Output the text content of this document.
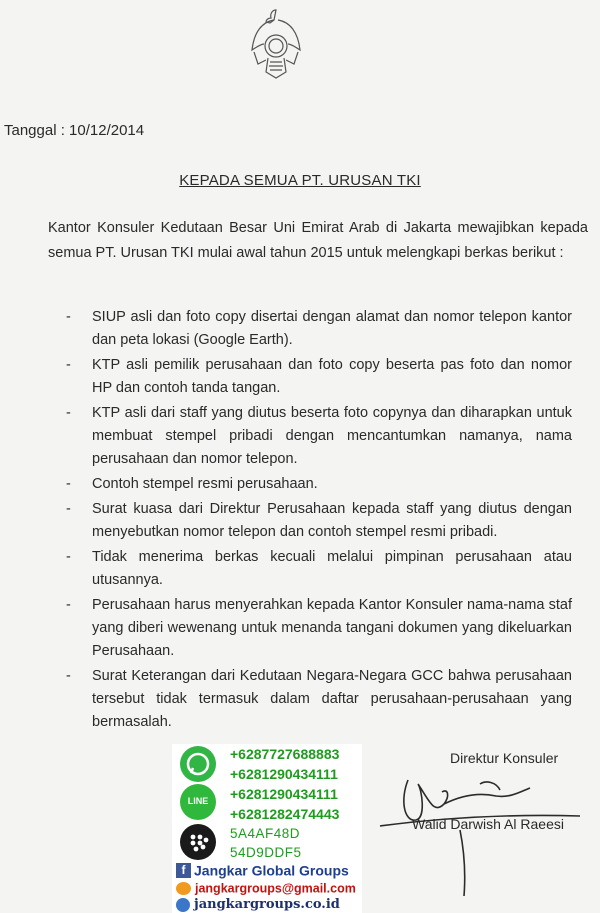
Tanggal : 10/12/2014
KEPADA SEMUA PT. URUSAN TKI
Kantor Konsuler Kedutaan Besar Uni Emirat Arab di Jakarta mewajibkan kepada semua PT. Urusan TKI mulai awal tahun 2015 untuk melengkapi berkas berikut :
- SIUP asli dan foto copy disertai dengan alamat dan nomor telepon kantor dan peta lokasi (Google Earth).
- KTP asli pemilik perusahaan dan foto copy beserta pas foto dan nomor HP dan contoh tanda tangan.
- KTP asli dari staff yang diutus beserta foto copynya dan diharapkan untuk membuat stempel pribadi dengan mencantumkan namanya, nama perusahaan dan nomor telepon.
- Contoh stempel resmi perusahaan.
- Surat kuasa dari Direktur Perusahaan kepada staff yang diutus dengan menyebutkan nomor telepon dan contoh stempel resmi pribadi.
- Tidak menerima berkas kecuali melalui pimpinan perusahaan atau utusannya.
- Perusahaan harus menyerahkan kepada Kantor Konsuler nama-nama staf yang diberi wewenang untuk menanda tangani dokumen yang dikeluarkan Perusahaan.
- Surat Keterangan dari Kedutaan Negara-Negara GCC bahwa perusahaan tersebut tidak termasuk dalam daftar perusahaan-perusahaan yang bermasalah.
Direktur Konsuler
Walid Darwish Al Raeesi
LINE
+6287727688883
+6281290434111
+6281290434111
+6281282474443
5A4AF48D
54D9DDF5
f Jangkar Global Groups
jangkargroups@gmail.com
jangkargroups.co.id
